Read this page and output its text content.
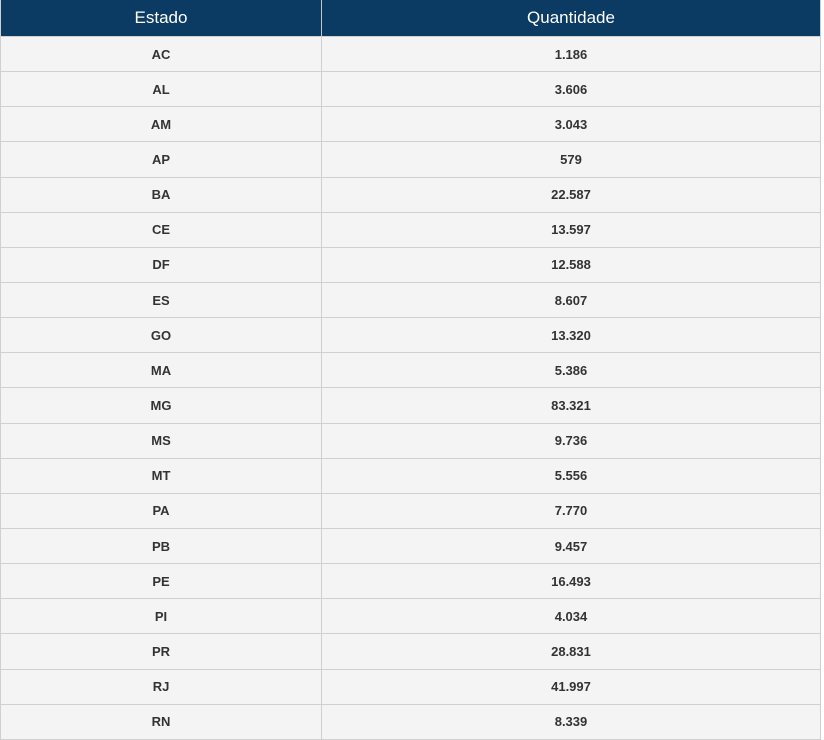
Estado	Quantidade
AC	1.186
AL	3.606
AM	3.043
AP	579
BA	22.587
CE	13.597
DF	12.588
ES	8.607
GO	13.320
MA	5.386
MG	83.321
MS	9.736
MT	5.556
PA	7.770
PB	9.457
PE	16.493
PI	4.034
PR	28.831
RJ	41.997
RN	8.339
